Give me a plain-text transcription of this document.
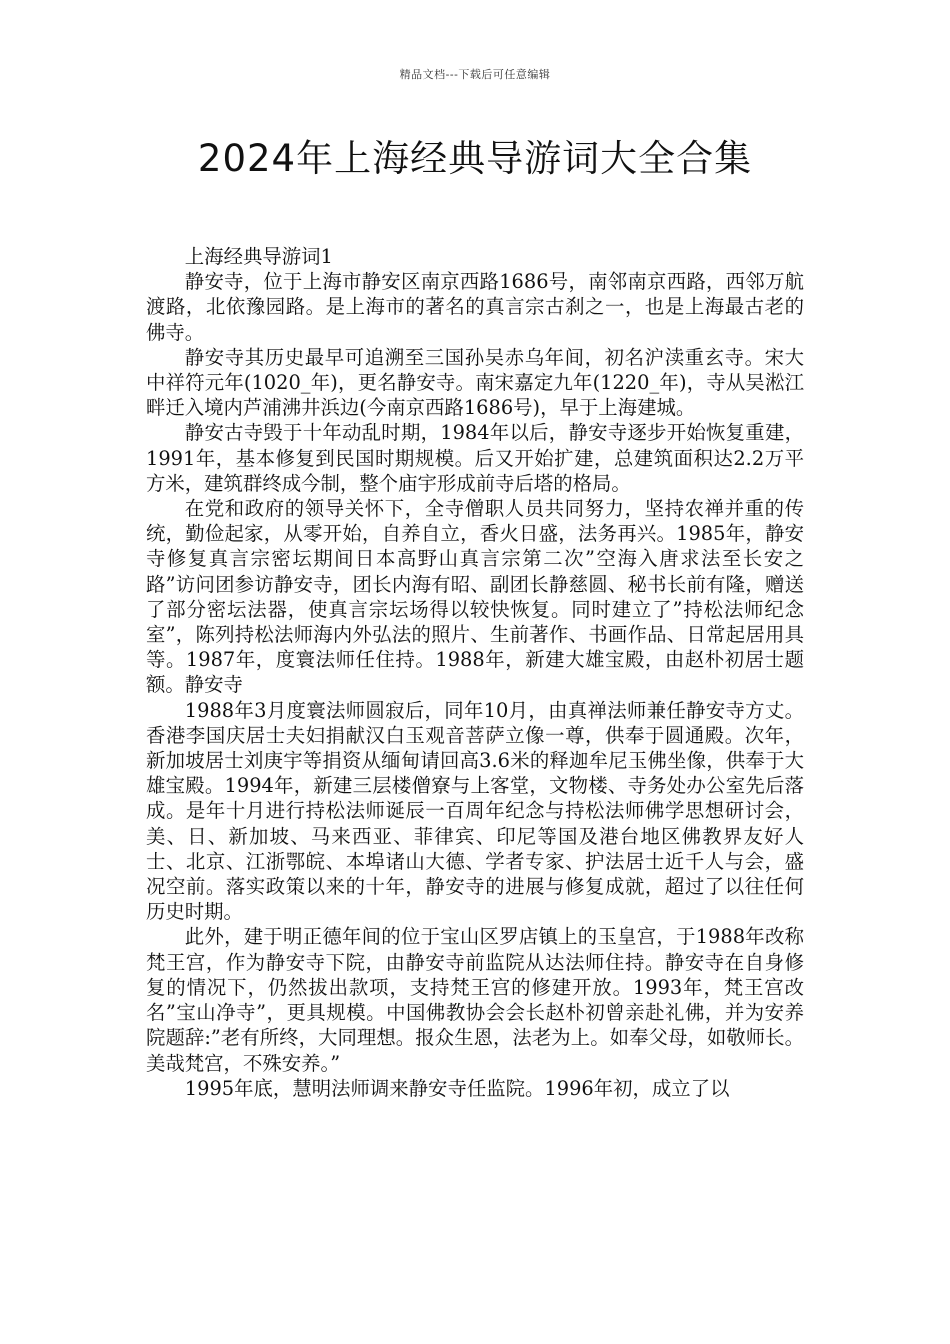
精品文档---下载后可任意编辑
2024年上海经典导游词大全合集

上海经典导游词1

静安寺，位于上海市静安区南京西路1686号，南邻南京西路，西邻万航渡路，北依豫园路。是上海市的著名的真言宗古刹之一，也是上海最古老的佛寺。

静安寺其历史最早可追溯至三国孙吴赤乌年间，初名沪渎重玄寺。宋大中祥符元年(1020_年)，更名静安寺。南宋嘉定九年(1220_年)，寺从吴淞江畔迁入境内芦浦沸井浜边(今南京西路1686号)，早于上海建城。

静安古寺毁于十年动乱时期，1984年以后，静安寺逐步开始恢复重建，1991年，基本修复到民国时期规模。后又开始扩建，总建筑面积达2.2万平方米，建筑群终成今制，整个庙宇形成前寺后塔的格局。

在党和政府的领导关怀下，全寺僧职人员共同努力，坚持农禅并重的传统，勤俭起家，从零开始，自养自立，香火日盛，法务再兴。1985年，静安寺修复真言宗密坛期间日本高野山真言宗第二次”空海入唐求法至长安之路”访问团参访静安寺，团长内海有昭、副团长静慈圆、秘书长前有隆，赠送了部分密坛法器，使真言宗坛场得以较快恢复。同时建立了”持松法师纪念室”，陈列持松法师海内外弘法的照片、生前著作、书画作品、日常起居用具等。1987年，度寰法师任住持。1988年，新建大雄宝殿，由赵朴初居士题额。静安寺

1988年3月度寰法师圆寂后，同年10月，由真禅法师兼任静安寺方丈。香港李国庆居士夫妇捐献汉白玉观音菩萨立像一尊，供奉于圆通殿。次年，新加坡居士刘庚宇等捐资从缅甸请回高3.6米的释迦牟尼玉佛坐像，供奉于大雄宝殿。1994年，新建三层楼僧寮与上客堂，文物楼、寺务处办公室先后落成。是年十月进行持松法师诞辰一百周年纪念与持松法师佛学思想研讨会，美、日、新加坡、马来西亚、菲律宾、印尼等国及港台地区佛教界友好人士、北京、江浙鄂皖、本埠诸山大德、学者专家、护法居士近千人与会，盛况空前。落实政策以来的十年，静安寺的进展与修复成就，超过了以往任何历史时期。

此外，建于明正德年间的位于宝山区罗店镇上的玉皇宫，于1988年改称梵王宫，作为静安寺下院，由静安寺前监院从达法师住持。静安寺在自身修复的情况下，仍然拔出款项，支持梵王宫的修建开放。1993年，梵王宫改名”宝山净寺”，更具规模。中国佛教协会会长赵朴初曾亲赴礼佛，并为安养院题辞:”老有所终，大同理想。报众生恩，法老为上。如奉父母，如敬师长。美哉梵宫，不殊安养。”

1995年底，慧明法师调来静安寺任监院。1996年初，成立了以
